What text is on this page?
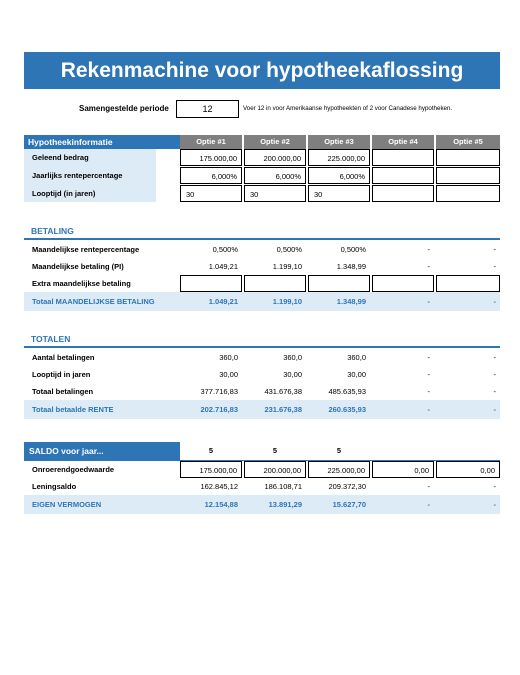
Rekenmachine voor hypotheekaflossing
Samengestelde periode	12	Voer 12 in voor Amerikaanse hypotheekten of 2 voor Canadese hypotheken.
Hypotheekinformatie	Optie #1	Optie #2	Optie #3	Optie #4	Optie #5
Geleend bedrag	175.000,00	200.000,00	225.000,00
Jaarlijks rentepercentage	6,000%	6,000%	6,000%
Looptijd (in jaren)	30	30	30
BETALING
Maandelijkse rentepercentage	0,500%	0,500%	0,500%	-	-
Maandelijkse betaling (PI)	1.049,21	1.199,10	1.348,99	-	-
Extra maandelijkse betaling
Totaal MAANDELIJKSE BETALING	1.049,21	1.199,10	1.348,99	-	-
TOTALEN
Aantal betalingen	360,0	360,0	360,0	-	-
Looptijd in jaren	30,00	30,00	30,00	-	-
Totaal betalingen	377.716,83	431.676,38	485.635,93	-	-
Totaal betaalde RENTE	202.716,83	231.676,38	260.635,93	-	-
SALDO voor jaar...	5	5	5
Onroerendgoedwaarde	175.000,00	200.000,00	225.000,00	0,00	0,00
Leningsaldo	162.845,12	186.108,71	209.372,30	-	-
EIGEN VERMOGEN	12.154,88	13.891,29	15.627,70	-	-
